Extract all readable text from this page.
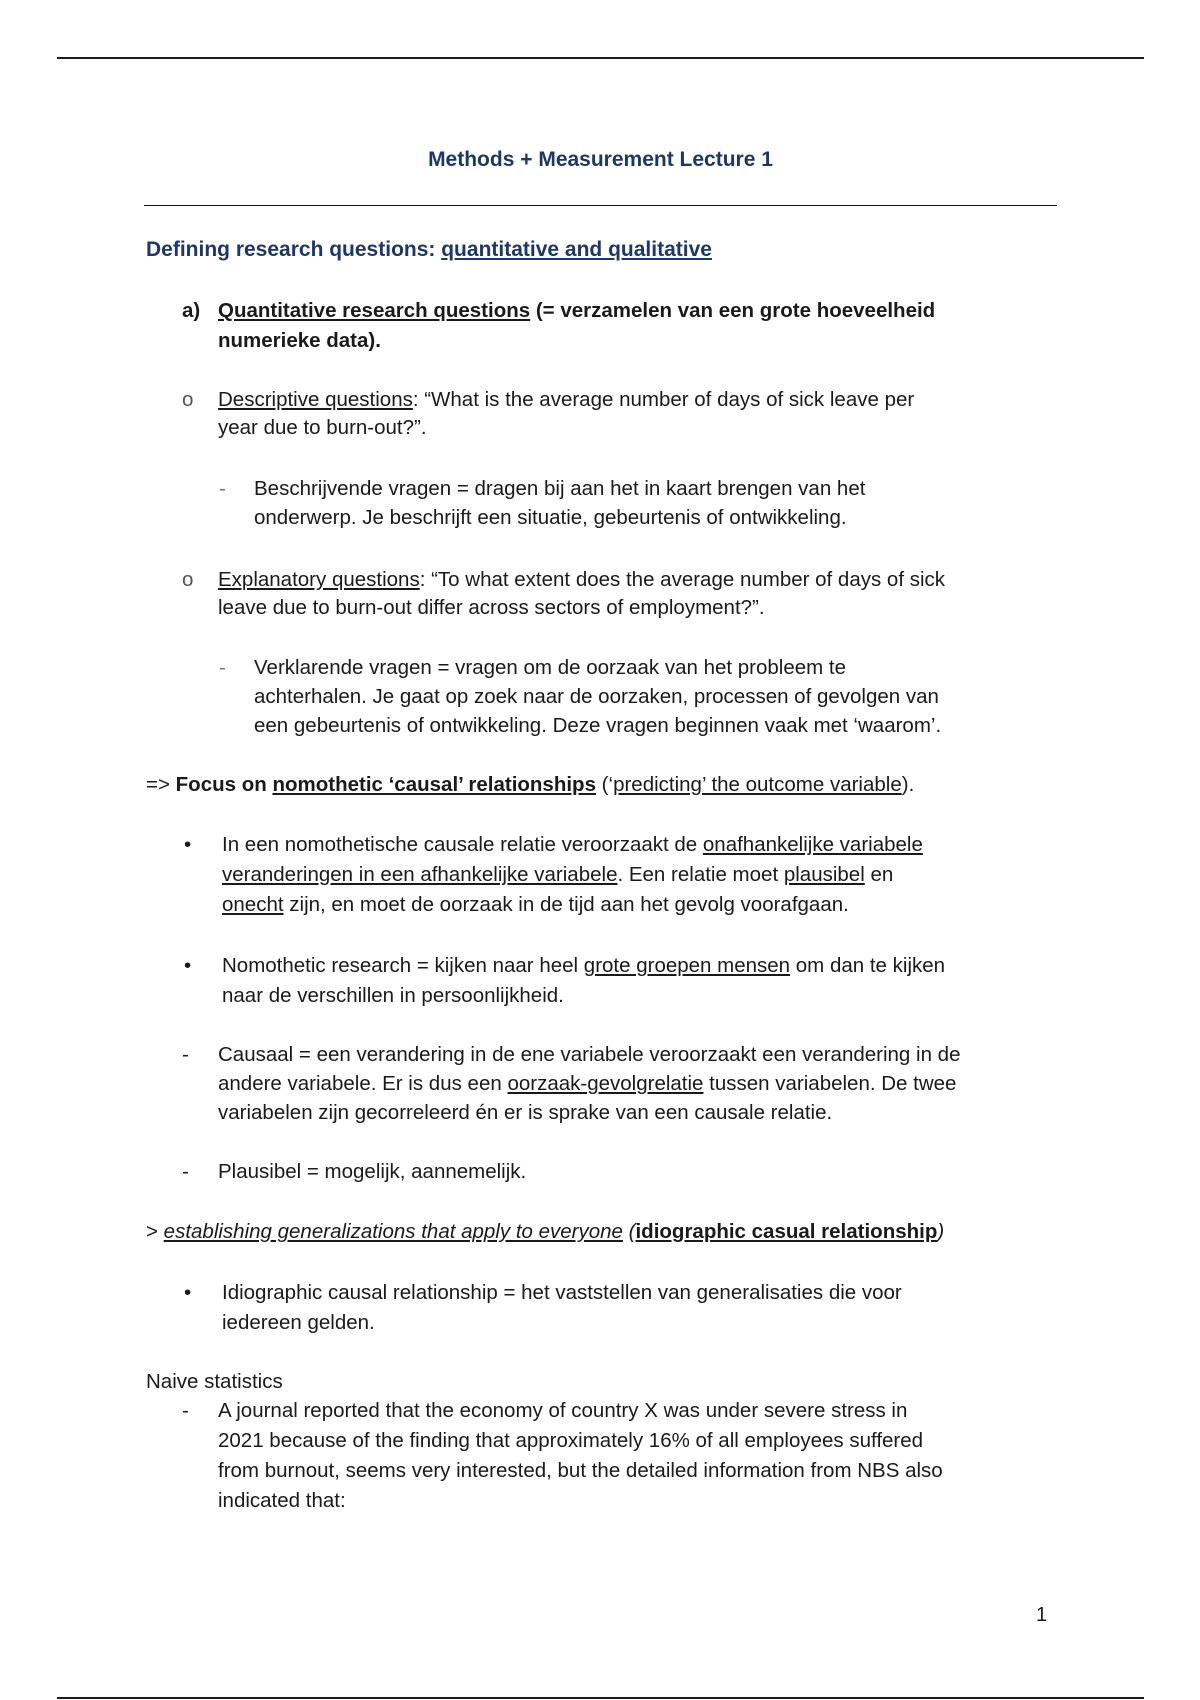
Methods + Measurement Lecture 1
Defining research questions: quantitative and qualitative
a) Quantitative research questions (= verzamelen van een grote hoeveelheid
numerieke data).
o Descriptive questions: “What is the average number of days of sick leave per
year due to burn-out?”.
- Beschrijvende vragen = dragen bij aan het in kaart brengen van het
onderwerp. Je beschrijft een situatie, gebeurtenis of ontwikkeling.
o Explanatory questions: “To what extent does the average number of days of sick
leave due to burn-out differ across sectors of employment?”.
- Verklarende vragen = vragen om de oorzaak van het probleem te
achterhalen. Je gaat op zoek naar de oorzaken, processen of gevolgen van
een gebeurtenis of ontwikkeling. Deze vragen beginnen vaak met ‘waarom’.
=> Focus on nomothetic ‘causal’ relationships (‘predicting’ the outcome variable).
• In een nomothetische causale relatie veroorzaakt de onafhankelijke variabele
veranderingen in een afhankelijke variabele. Een relatie moet plausibel en
onecht zijn, en moet de oorzaak in de tijd aan het gevolg voorafgaan.
• Nomothetic research = kijken naar heel grote groepen mensen om dan te kijken
naar de verschillen in persoonlijkheid.
- Causaal = een verandering in de ene variabele veroorzaakt een verandering in de
andere variabele. Er is dus een oorzaak-gevolgrelatie tussen variabelen. De twee
variabelen zijn gecorreleerd én er is sprake van een causale relatie.
- Plausibel = mogelijk, aannemelijk.
> establishing generalizations that apply to everyone (idiographic casual relationship)
• Idiographic causal relationship = het vaststellen van generalisaties die voor
iedereen gelden.
Naive statistics
- A journal reported that the economy of country X was under severe stress in
2021 because of the finding that approximately 16% of all employees suffered
from burnout, seems very interested, but the detailed information from NBS also
indicated that:
1
